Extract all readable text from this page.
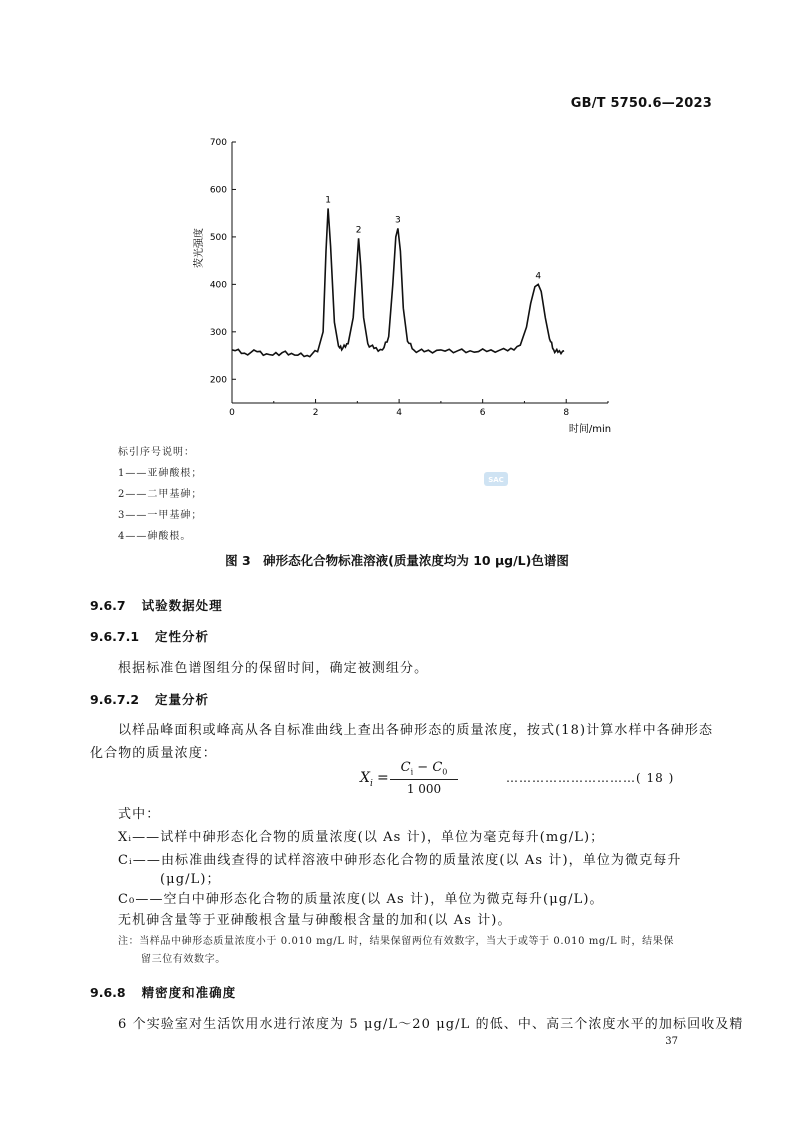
GB/T 5750.6—2023
200
300
400
500
600
700
0	2	4	6	8
1
2
3
4
荧光强度
时间/min
SAC
标引序号说明：
1——亚砷酸根；
2——二甲基砷；
3——一甲基砷；
4——砷酸根。
图 3　砷形态化合物标准溶液(质量浓度均为 10 μg/L)色谱图
9.6.7 试验数据处理
9.6.7.1 定性分析
根据标准色谱图组分的保留时间，确定被测组分。
9.6.7.2 定量分析
以样品峰面积或峰高从各自标准曲线上查出各砷形态的质量浓度，按式(18)计算水样中各砷形态
化合物的质量浓度：
$X_i$ =
$C_i - C_0$
1 000
…………………………( 18 )
式中：
Xᵢ——试样中砷形态化合物的质量浓度(以 As 计)，单位为毫克每升(mg/L)；
Cᵢ——由标准曲线查得的试样溶液中砷形态化合物的质量浓度(以 As 计)，单位为微克每升
(μg/L)；
C₀——空白中砷形态化合物的质量浓度(以 As 计)，单位为微克每升(μg/L)。
无机砷含量等于亚砷酸根含量与砷酸根含量的加和(以 As 计)。
注：当样品中砷形态质量浓度小于 0.010 mg/L 时，结果保留两位有效数字，当大于或等于 0.010 mg/L 时，结果保
留三位有效数字。
9.6.8 精密度和准确度
6 个实验室对生活饮用水进行浓度为 5 μg/L～20 μg/L 的低、中、高三个浓度水平的加标回收及精
37
